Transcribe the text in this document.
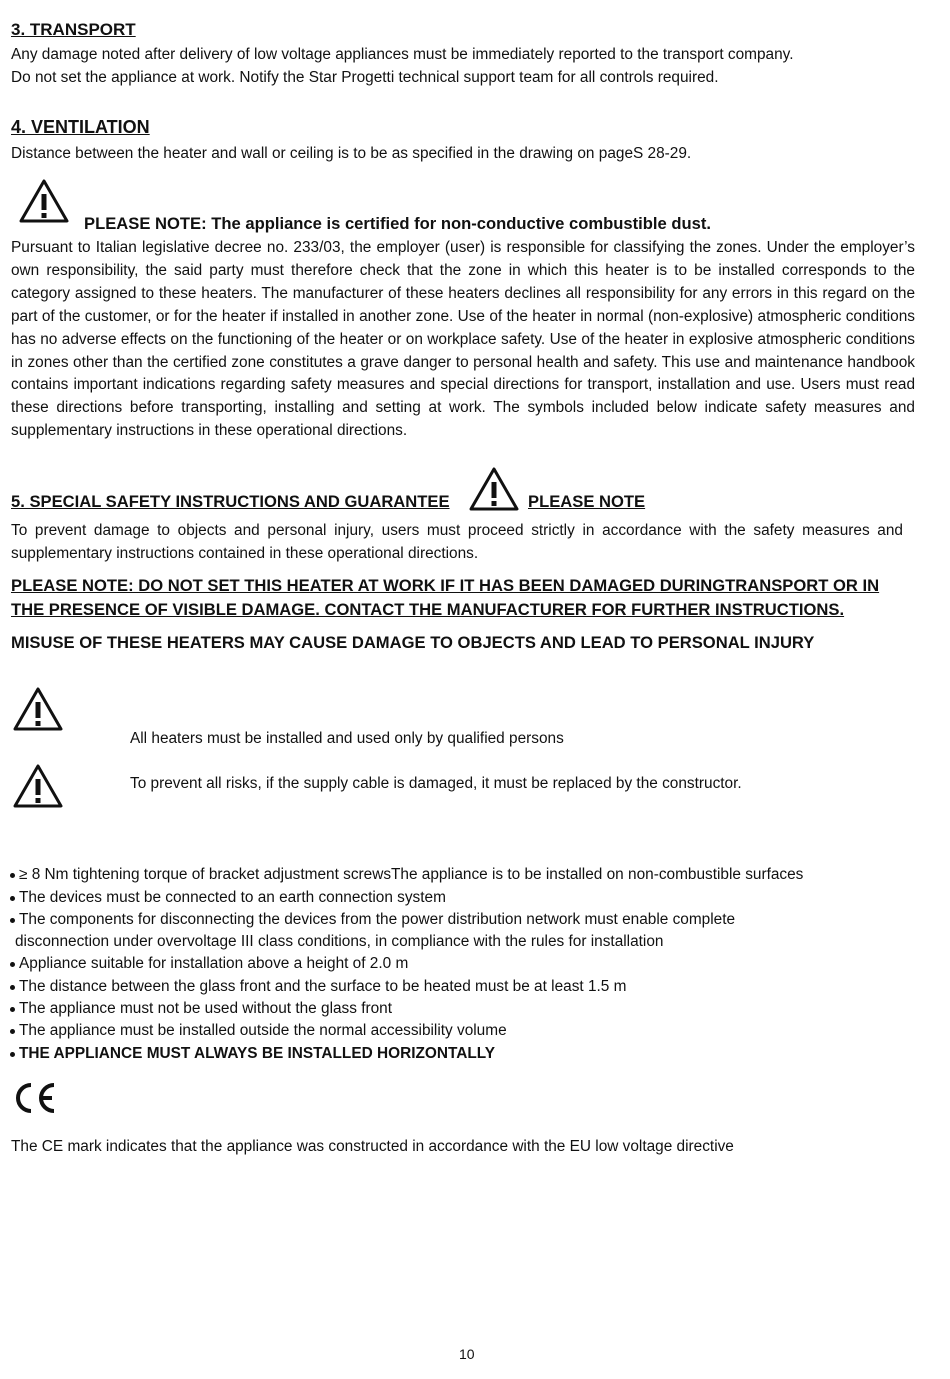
3. TRANSPORT
Any damage noted after delivery of low voltage appliances must be immediately reported to the transport company.
Do not set the appliance at work. Notify the Star Progetti technical support team for all controls required.
4. VENTILATION
Distance between the heater and wall or ceiling is to be as specified in the drawing on pageS 28-29.
PLEASE NOTE: The appliance is certified for non-conductive combustible dust.

Pursuant to Italian legislative decree no. 233/03, the employer (user) is responsible for classifying the zones. Under the employer’s own responsibility, the said party must therefore check that the zone in which this heater is to be installed corresponds to the category assigned to these heaters. The manufacturer of these heaters declines all responsibility for any errors in this regard on the part of the customer, or for the heater if installed in another zone. Use of the heater in normal (non-explosive) atmospheric conditions has no adverse effects on the functioning of the heater or on workplace safety. Use of the heater in explosive atmospheric conditions in zones other than the certified zone constitutes a grave danger to personal health and safety. This use and maintenance handbook contains important indications regarding safety measures and special directions for transport, installation and use. Users must read these directions before transporting, installing and setting at work. The symbols included below indicate safety measures and supplementary instructions in these operational directions.

5. SPECIAL SAFETY INSTRUCTIONS AND GUARANTEE	PLEASE NOTE

To prevent damage to objects and personal injury, users must proceed strictly in accordance with the safety measures and supplementary instructions contained in these operational directions.

PLEASE NOTE: DO NOT SET THIS HEATER AT WORK IF IT HAS BEEN DAMAGED DURINGTRANSPORT OR IN THE PRESENCE OF VISIBLE DAMAGE. CONTACT THE MANUFACTURER FOR FURTHER INSTRUCTIONS.
MISUSE OF THESE HEATERS MAY CAUSE DAMAGE TO OBJECTS AND LEAD TO PERSONAL INJURY
All heaters must be installed and used only by qualified persons
To prevent all risks, if the supply cable is damaged, it must be replaced by the constructor.
≥ 8 Nm tightening torque of bracket adjustment screwsThe appliance is to be installed on non-combustible surfaces
The devices must be connected to an earth connection system
The components for disconnecting the devices from the power distribution network must enable complete
disconnection under overvoltage III class conditions, in compliance with the rules for installation
Appliance suitable for installation above a height of 2.0 m
The distance between the glass front and the surface to be heated must be at least 1.5 m
The appliance must not be used without the glass front
The appliance must be installed outside the normal accessibility volume
THE APPLIANCE MUST ALWAYS BE INSTALLED HORIZONTALLY
The CE mark indicates that the appliance was constructed in accordance with the EU low voltage directive
10
